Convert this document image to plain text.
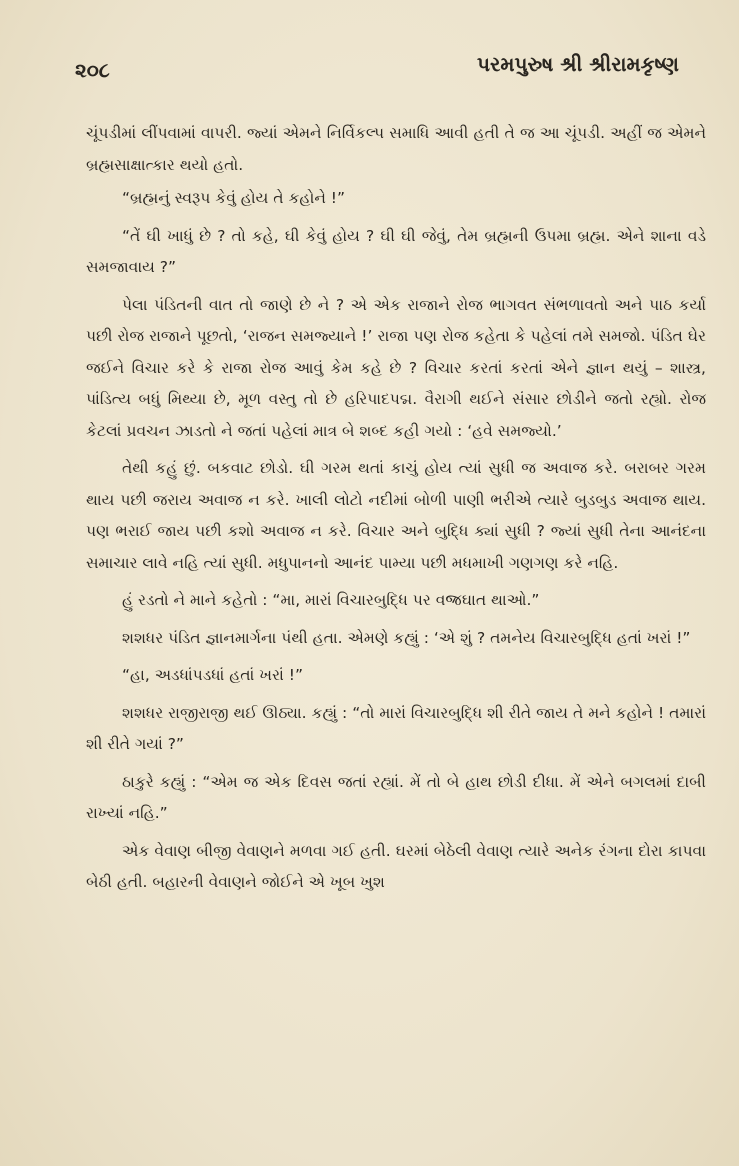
૨૦૮	પરમપુરુષ શ્રી શ્રીરામકૃષ્ણ

ચૂંપડીમાં લીંપવામાં વાપરી. જ્યાં એમને નિર્વિકલ્પ સમાધિ આવી હતી તે જ આ ચૂંપડી. અહીં જ એમને બ્રહ્મસાક્ષાત્કાર થયો હતો.

“બ્રહ્મનું સ્વરૂપ કેવું હોય તે કહોને !”

“તેં ઘી ખાધું છે ? તો કહે, ઘી કેવું હોય ? ઘી ઘી જેવું, તેમ બ્રહ્મની ઉપમા બ્રહ્મ. એને શાના વડે સમજાવાય ?”

પેલા પંડિતની વાત તો જાણે છે ને ? એ એક રાજાને રોજ ભાગવત સંભળાવતો અને પાઠ કર્યા પછી રોજ રાજાને પૂછતો, ‘રાજન સમજ્યાને !’ રાજા પણ રોજ કહેતા કે પહેલાં તમે સમજો. પંડિત ઘેર જઈને વિચાર કરે કે રાજા રોજ આવું કેમ કહે છે ? વિચાર કરતાં કરતાં એને જ્ઞાન થયું – શાસ્ત્ર, પાંડિત્ય બધું મિથ્યા છે, મૂળ વસ્તુ તો છે હરિપાદપદ્મ. વૈરાગી થઈને સંસાર છોડીને જતો રહ્યો. રોજ કેટલાં પ્રવચન ઝાડતો ને જતાં પહેલાં માત્ર બે શબ્દ કહી ગયો : ‘હવે સમજ્યો.’

તેથી કહું છું. બકવાટ છોડો. ઘી ગરમ થતાં કાચું હોય ત્યાં સુધી જ અવાજ કરે. બરાબર ગરમ થાય પછી જરાય અવાજ ન કરે. ખાલી લોટો નદીમાં બોળી પાણી ભરીએ ત્યારે બુડબુડ અવાજ થાય. પણ ભરાઈ જાય પછી કશો અવાજ ન કરે. વિચાર અને બુદ્ધિ ક્યાં સુધી ? જ્યાં સુધી તેના આનંદના સમાચાર લાવે નહિ ત્યાં સુધી. મધુપાનનો આનંદ પામ્યા પછી મધમાખી ગણગણ કરે નહિ.

હું રડતો ને માને કહેતો : “મા, મારાં વિચારબુદ્ધિ પર વજ્રઘાત થાઓ.”

શશધર પંડિત જ્ઞાનમાર્ગના પંથી હતા. એમણે કહ્યું : ‘એ શું ? તમનેય વિચારબુદ્ધિ હતાં ખરાં !”

“હા, અડધાંપડધાં હતાં ખરાં !”

શશધર રાજીરાજી થઈ ઊઠ્યા. કહ્યું : “તો મારાં વિચારબુદ્ધિ શી રીતે જાય તે મને કહોને ! તમારાં શી રીતે ગયાં ?”

ઠાકુરે કહ્યું : “એમ જ એક દિવસ જતાં રહ્યાં. મેં તો બે હાથ છોડી દીધા. મેં એને બગલમાં દાબી રાખ્યાં નહિ.”

એક વેવાણ બીજી વેવાણને મળવા ગઈ હતી. ઘરમાં બેઠેલી વેવાણ ત્યારે અનેક રંગના દોરા કાપવા બેઠી હતી. બહારની વેવાણને જોઈને એ ખૂબ ખુશ
